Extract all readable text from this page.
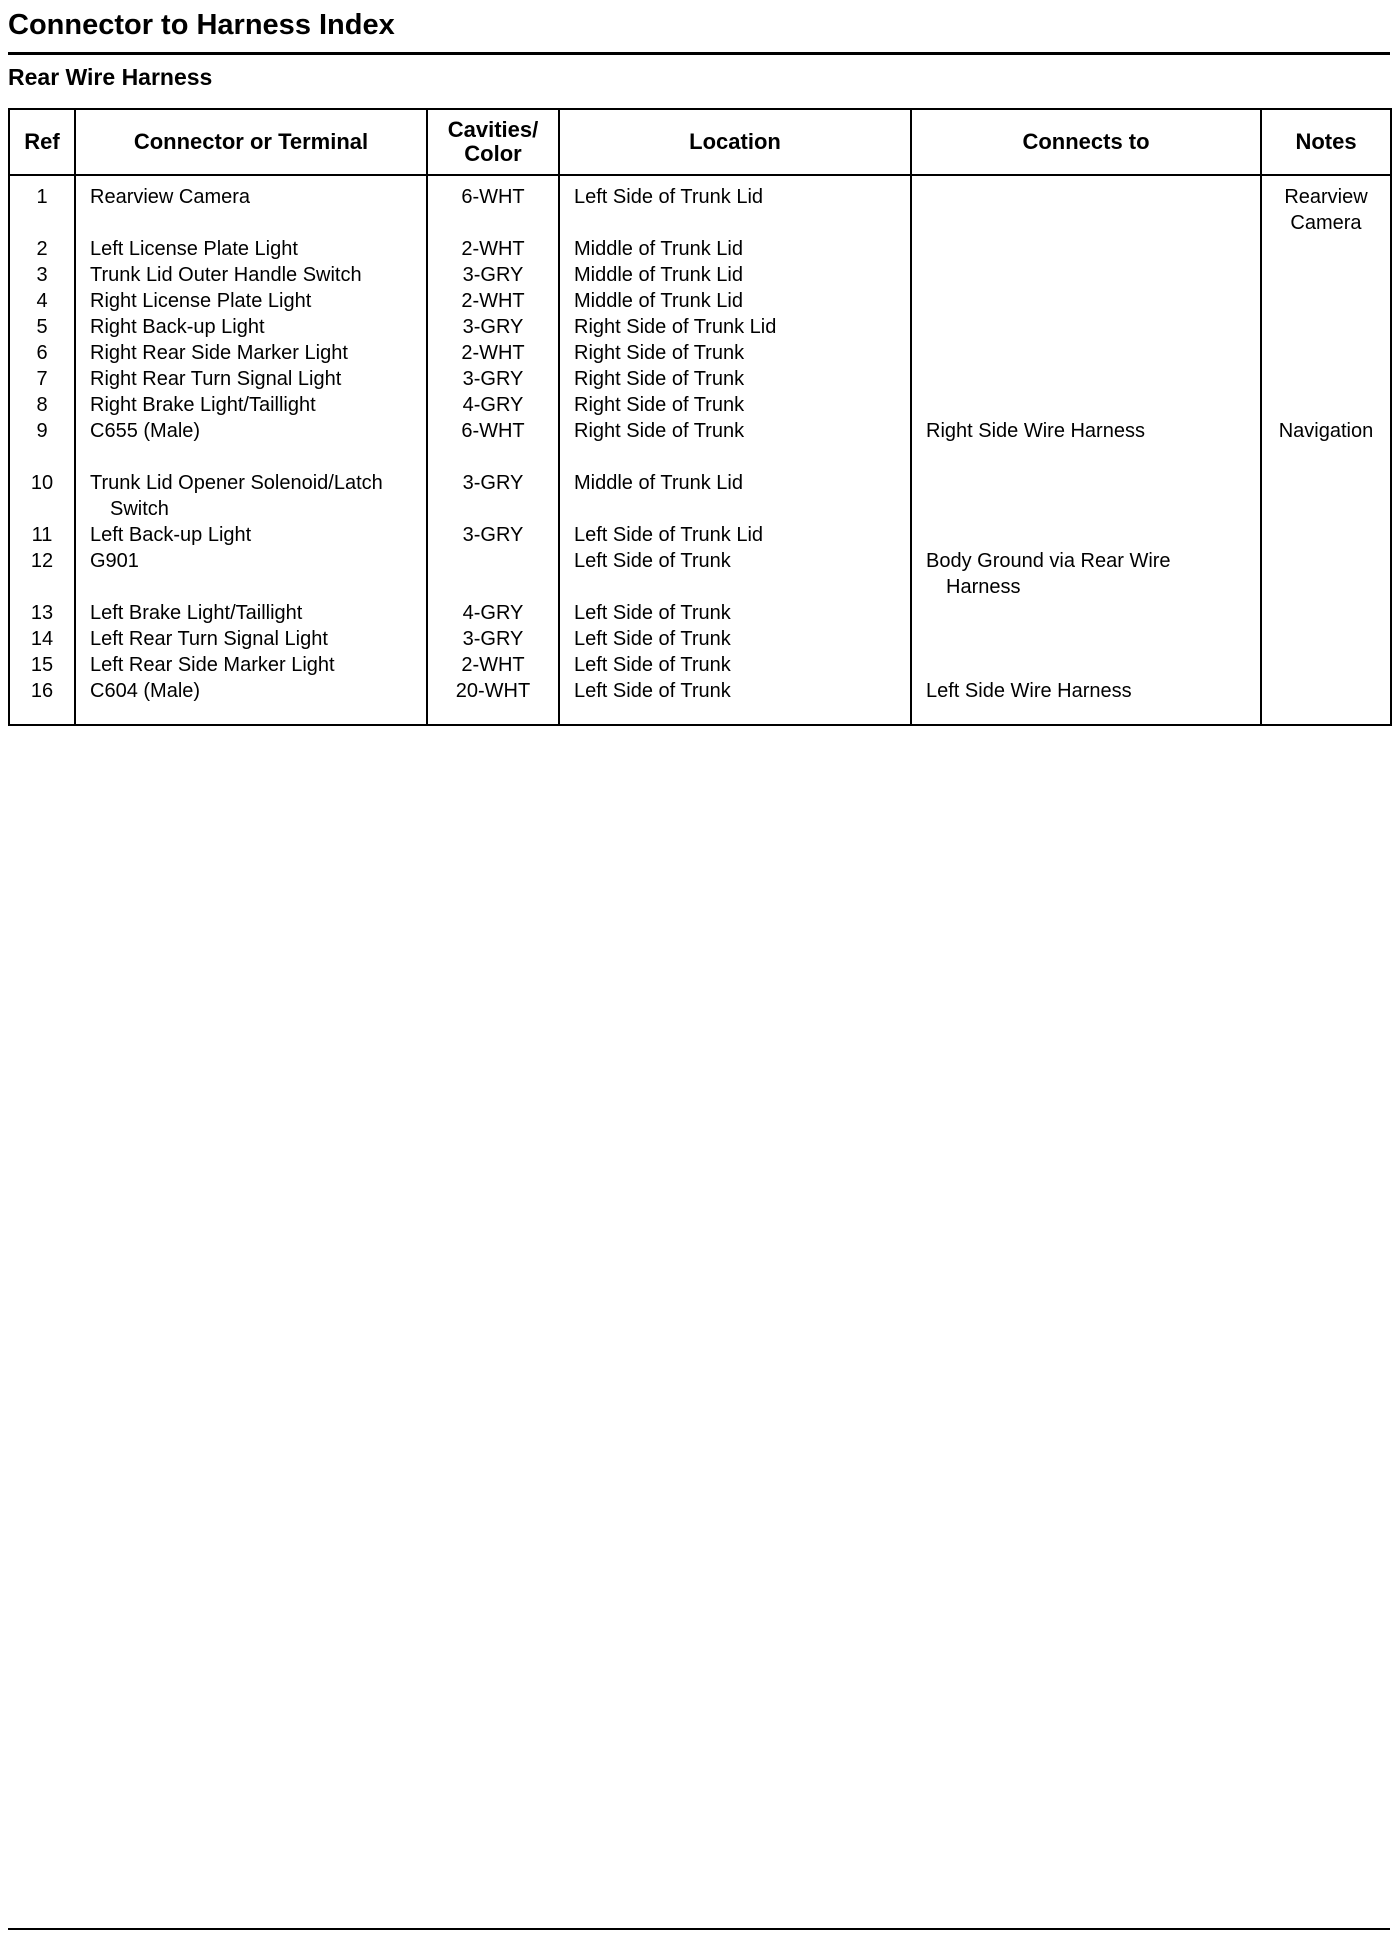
Connector to Harness Index
Rear Wire Harness
Ref	Connector or Terminal	Cavities/ Color	Location	Connects to	Notes
1	Rearview Camera	6-WHT	Left Side of Trunk Lid		Rearview Camera
2	Left License Plate Light	2-WHT	Middle of Trunk Lid		
3	Trunk Lid Outer Handle Switch	3-GRY	Middle of Trunk Lid		
4	Right License Plate Light	2-WHT	Middle of Trunk Lid		
5	Right Back-up Light	3-GRY	Right Side of Trunk Lid		
6	Right Rear Side Marker Light	2-WHT	Right Side of Trunk		
7	Right Rear Turn Signal Light	3-GRY	Right Side of Trunk		
8	Right Brake Light/Taillight	4-GRY	Right Side of Trunk		
9	C655 (Male)	6-WHT	Right Side of Trunk	Right Side Wire Harness	Navigation
10	Trunk Lid Opener Solenoid/Latch Switch	3-GRY	Middle of Trunk Lid		
11	Left Back-up Light	3-GRY	Left Side of Trunk Lid		
12	G901		Left Side of Trunk	Body Ground via Rear Wire Harness	

13	Left Brake Light/Taillight	4-GRY	Left Side of Trunk		
14	Left Rear Turn Signal Light	3-GRY	Left Side of Trunk		
15	Left Rear Side Marker Light	2-WHT	Left Side of Trunk		
16	C604 (Male)	20-WHT	Left Side of Trunk	Left Side Wire Harness	
